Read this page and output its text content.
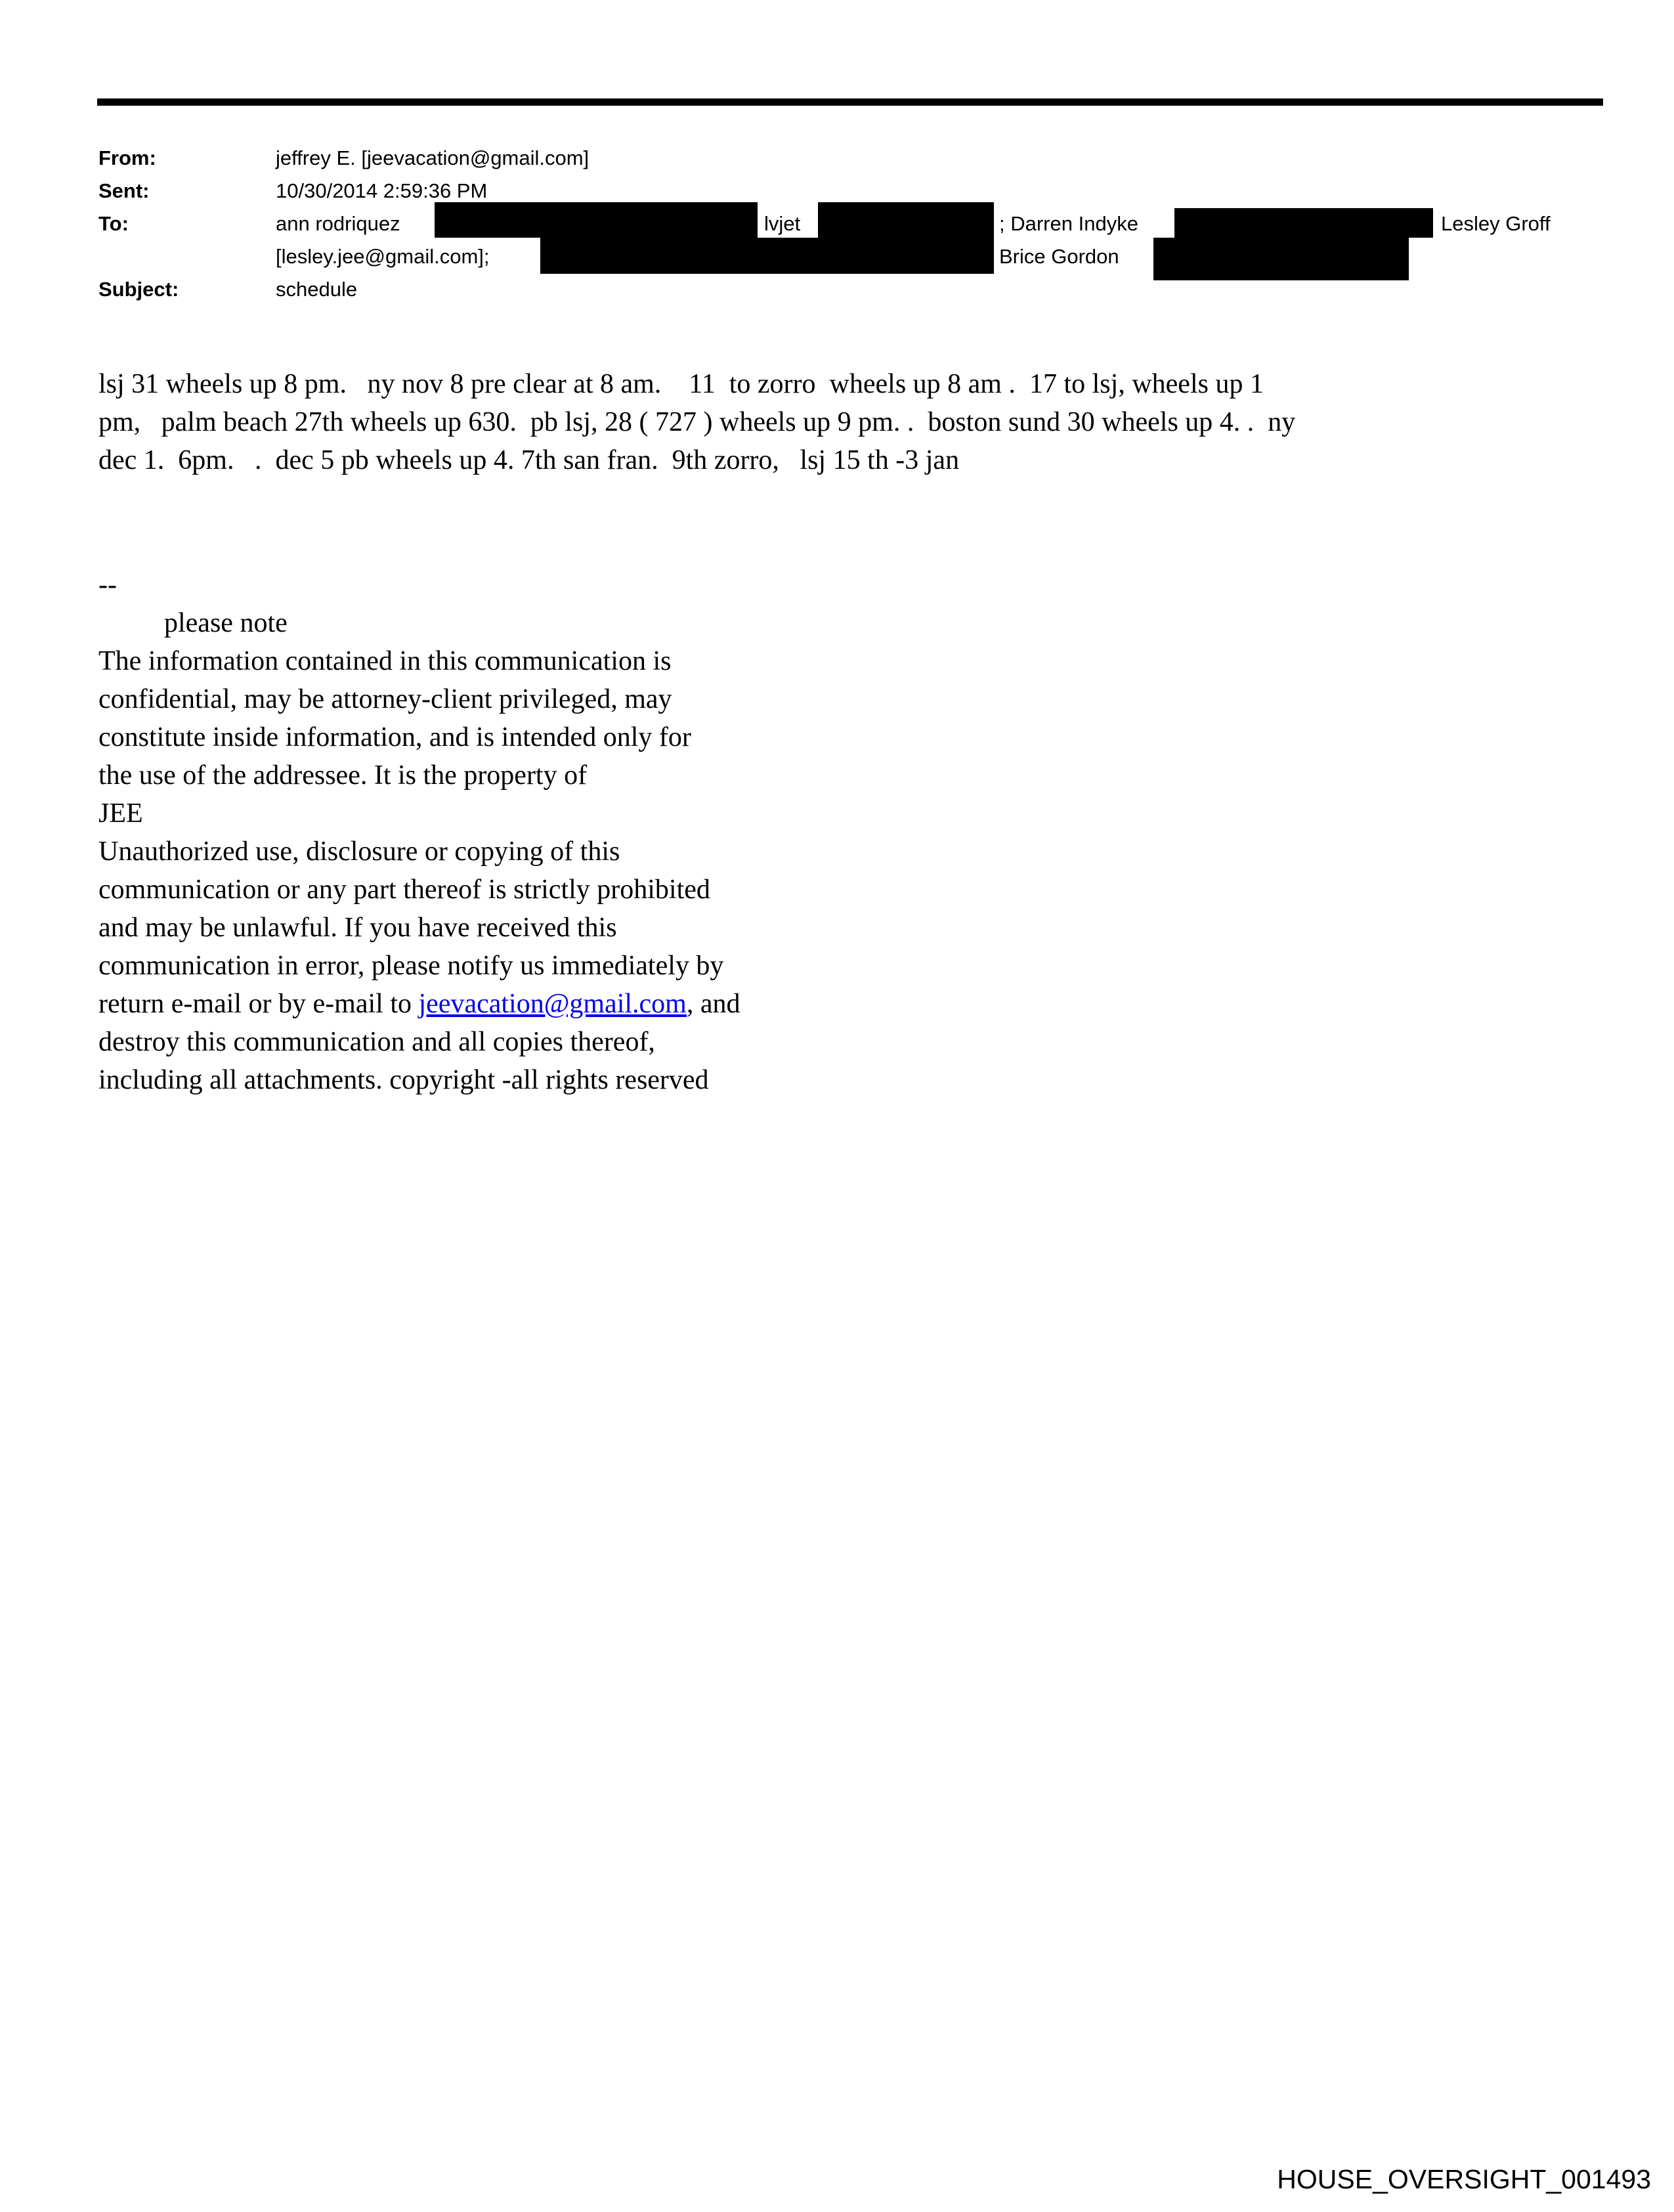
From:	jeffrey E. [jeevacation@gmail.com]
Sent:	10/30/2014 2:59:36 PM
To:	ann rodriquez	lvjet	; Darren Indyke	Lesley Groff
[lesley.jee@gmail.com];	Brice Gordon
Subject:	schedule
lsj 31 wheels up 8 pm.   ny nov 8 pre clear at 8 am.    11  to zorro  wheels up 8 am .  17 to lsj, wheels up 1
pm,   palm beach 27th wheels up 630.  pb lsj, 28 ( 727 ) wheels up 9 pm. .  boston sund 30 wheels up 4. .  ny
dec 1.  6pm.   .  dec 5 pb wheels up 4. 7th san fran.  9th zorro,   lsj 15 th -3 jan
--
please note
The information contained in this communication is
confidential, may be attorney-client privileged, may
constitute inside information, and is intended only for
the use of the addressee. It is the property of
JEE
Unauthorized use, disclosure or copying of this
communication or any part thereof is strictly prohibited
and may be unlawful. If you have received this
communication in error, please notify us immediately by
return e-mail or by e-mail to jeevacation@gmail.com, and
destroy this communication and all copies thereof,
including all attachments. copyright -all rights reserved
HOUSE_OVERSIGHT_001493
